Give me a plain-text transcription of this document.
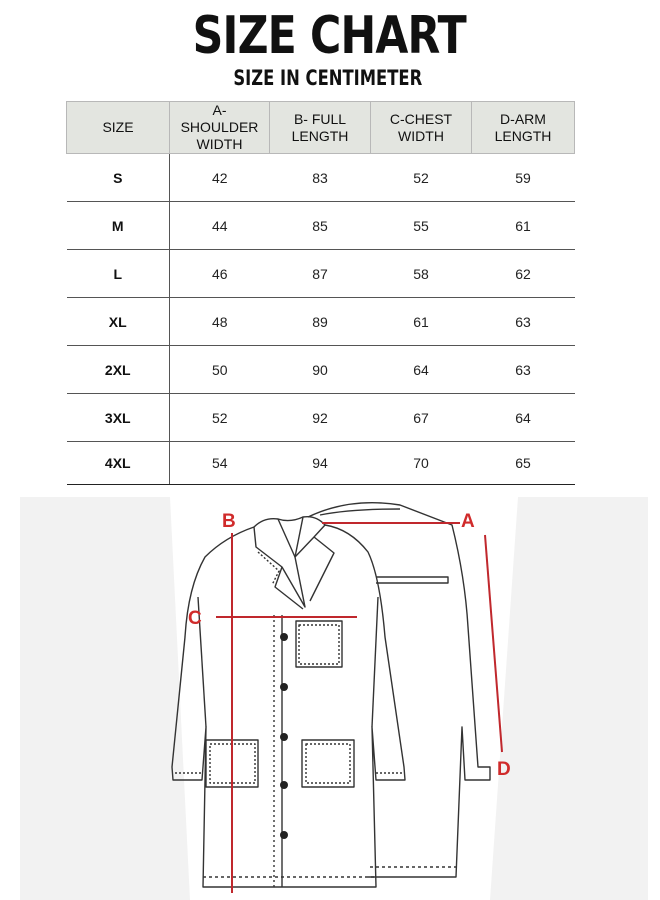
SIZE CHART
SIZE IN CENTIMETER
SIZE	A- SHOULDER WIDTH	B- FULL LENGTH	C-CHEST WIDTH	D-ARM LENGTH
S	42	83	52	59
M	44	85	55	61
L	46	87	58	62
XL	48	89	61	63
2XL	50	90	64	63
3XL	52	92	67	64
4XL	54	94	70	65
B
C
A
D
